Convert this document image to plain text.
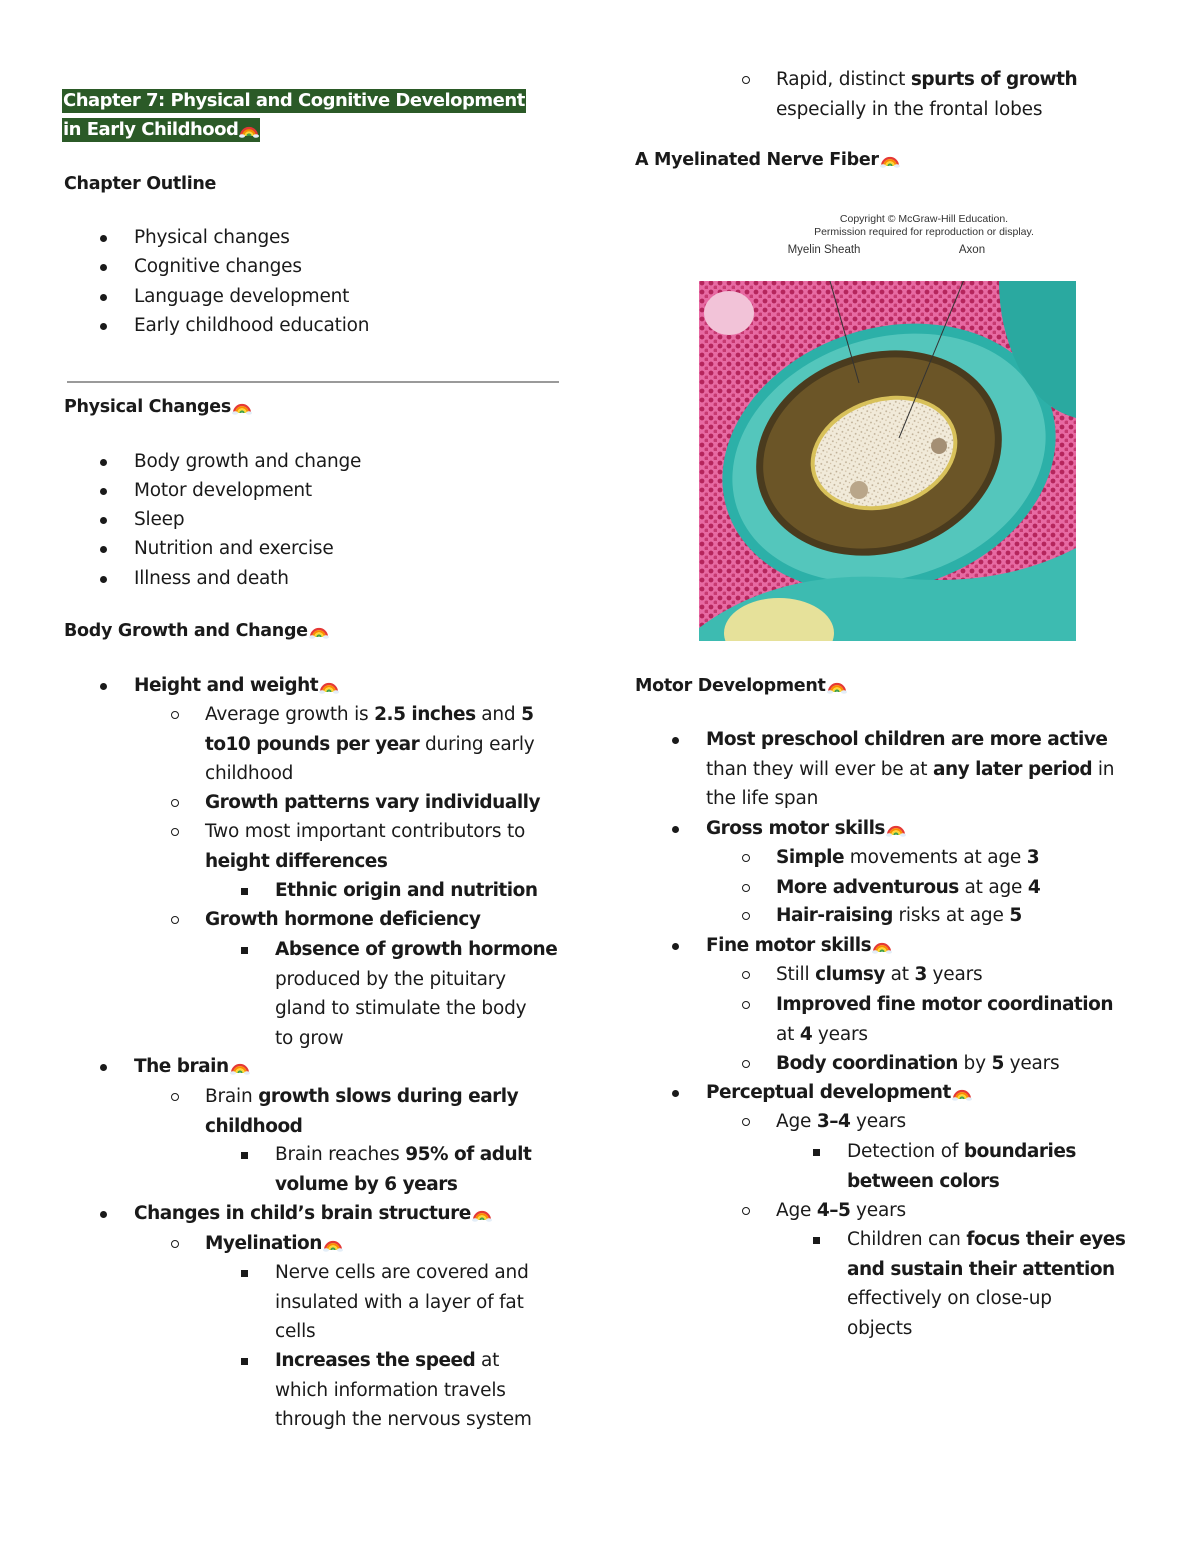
Chapter 7: Physical and Cognitive Development
in Early Childhood
Chapter Outline
Physical changes
Cognitive changes
Language development
Early childhood education
Physical Changes
Body growth and change
Motor development
Sleep
Nutrition and exercise
Illness and death
Body Growth and Change
Height and weight
Average growth is 2.5 inches and 5
to10 pounds per year during early
childhood
Growth patterns vary individually
Two most important contributors to
height differences
Ethnic origin and nutrition
Growth hormone deficiency
Absence of growth hormone
produced by the pituitary
gland to stimulate the body
to grow
The brain
Brain growth slows during early
childhood
Brain reaches 95% of adult
volume by 6 years
Changes in child’s brain structure
Myelination
Nerve cells are covered and
insulated with a layer of fat
cells
Increases the speed at
which information travels
through the nervous system
Rapid, distinct spurts of growth
especially in the frontal lobes
A Myelinated Nerve Fiber
Copyright © McGraw-Hill Education.
Permission required for reproduction or display.
Myelin Sheath	Axon
Motor Development
Most preschool children are more active
than they will ever be at any later period in
the life span
Gross motor skills
Simple movements at age 3
More adventurous at age 4
Hair-raising risks at age 5
Fine motor skills
Still clumsy at 3 years
Improved fine motor coordination
at 4 years
Body coordination by 5 years
Perceptual development
Age 3–4 years
Detection of boundaries
between colors
Age 4–5 years
Children can focus their eyes
and sustain their attention
effectively on close-up
objects
